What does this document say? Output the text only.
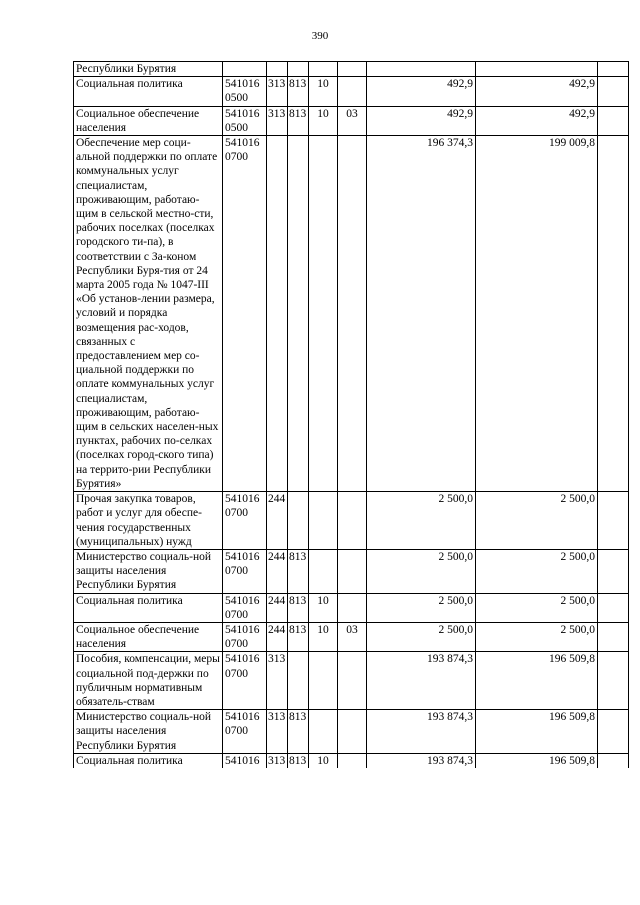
390
Республики Бурятия								
Социальная политика	541016 0500	313	813	10		492,9	492,9	
Социальное обеспечение населения	541016 0500	313	813	10	03	492,9	492,9	
Обеспечение мер соци-альной поддержки по оплате коммунальных услуг специалистам, проживающим, работаю-щим в сельской местно-сти, рабочих поселках (поселках городского ти-па), в соответствии с За-коном Республики Буря-тия от 24 марта 2005 года № 1047-III «Об установ-лении размера, условий и порядка возмещения рас-ходов, связанных с предоставлением мер со-циальной поддержки по оплате коммунальных услуг специалистам, проживающим, работаю-щим в сельских населен-ных пунктах, рабочих по-селках (поселках город-ского типа) на террито-рии Республики Бурятия»	541016 0700					196 374,3	199 009,8	
Прочая закупка товаров, работ и услуг для обеспе-чения государственных (муниципальных) нужд	541016 0700	244				2 500,0	2 500,0	
Министерство социаль-ной защиты населения Республики Бурятия	541016 0700	244	813			2 500,0	2 500,0	
Социальная политика	541016 0700	244	813	10		2 500,0	2 500,0	
Социальное обеспечение населения	541016 0700	244	813	10	03	2 500,0	2 500,0	
Пособия, компенсации, меры социальной под-держки по публичным нормативным обязатель-ствам	541016 0700	313				193 874,3	196 509,8	
Министерство социаль-ной защиты населения Республики Бурятия	541016 0700	313	813			193 874,3	196 509,8	
Социальная политика	541016	313	813	10		193 874,3	196 509,8	
